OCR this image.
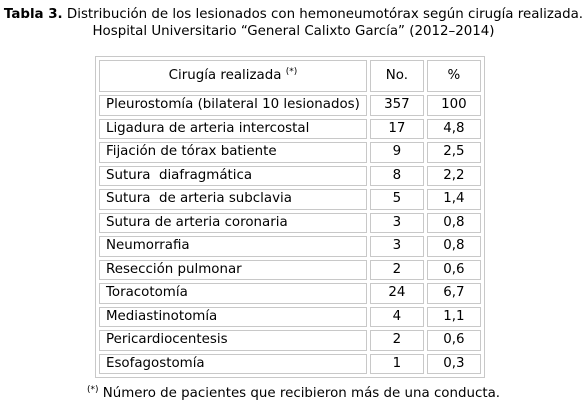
Tabla 3. Distribución de los lesionados con hemoneumotórax según cirugía realizada.
Hospital Universitario “General Calixto García” (2012–2014)
Cirugía realizada (*)	No.	%
Pleurostomía (bilateral 10 lesionados)	357	100
Ligadura de arteria intercostal	17	4,8
Fijación de tórax batiente	9	2,5
Sutura  diafragmática	8	2,2
Sutura  de arteria subclavia	5	1,4
Sutura de arteria coronaria	3	0,8
Neumorrafia	3	0,8
Resección pulmonar	2	0,6
Toracotomía	24	6,7
Mediastinotomía	4	1,1
Pericardiocentesis	2	0,6
Esofagostomía	1	0,3
(*) Número de pacientes que recibieron más de una conducta.
